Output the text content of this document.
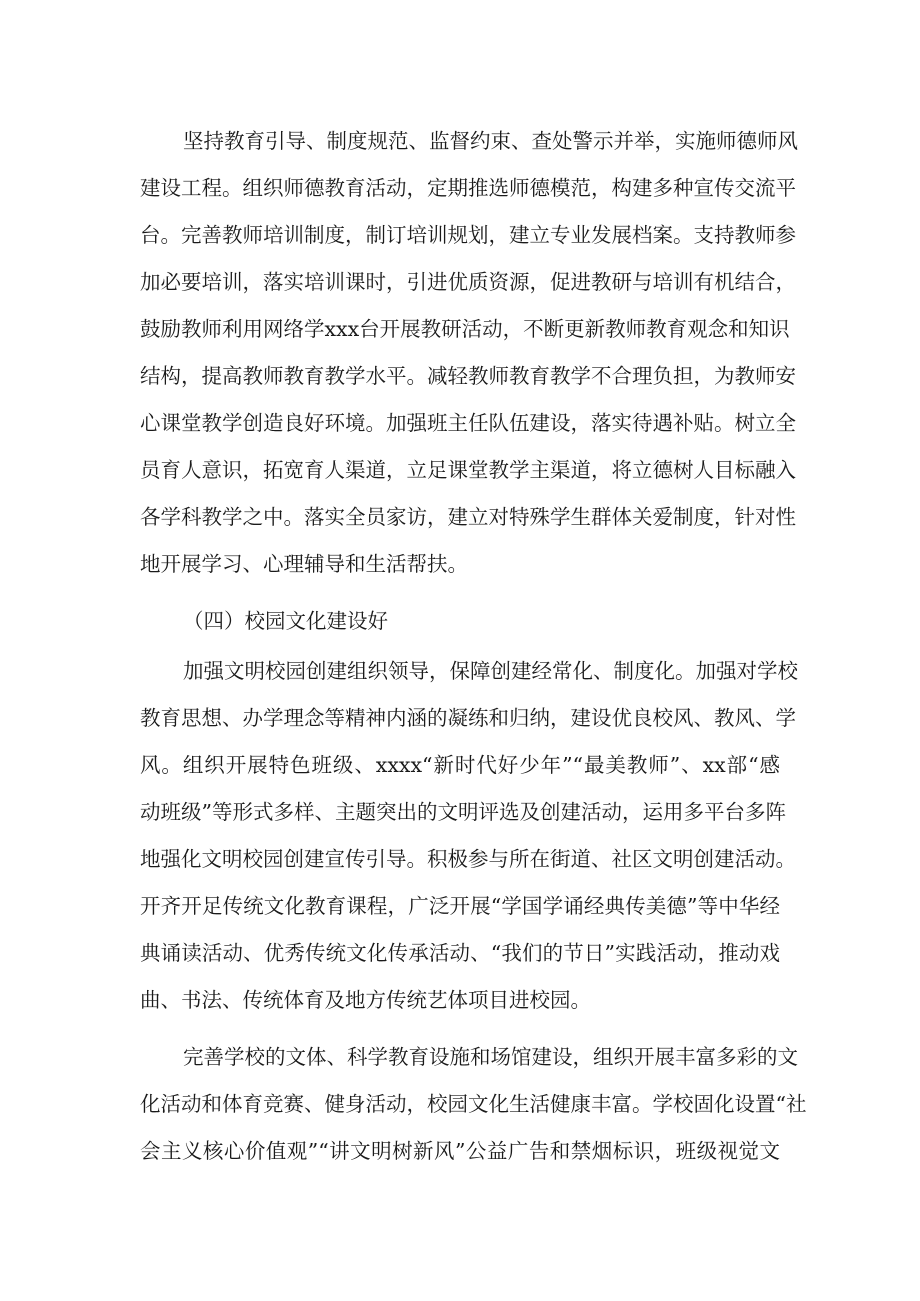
坚持教育引导、制度规范、监督约束、查处警示并举，实施师德师风
建设工程。组织师德教育活动，定期推选师德模范，构建多种宣传交流平
台。完善教师培训制度，制订培训规划，建立专业发展档案。支持教师参
加必要培训，落实培训课时，引进优质资源，促进教研与培训有机结合，
鼓励教师利用网络学xxx台开展教研活动，不断更新教师教育观念和知识
结构，提高教师教育教学水平。减轻教师教育教学不合理负担，为教师安
心课堂教学创造良好环境。加强班主任队伍建设，落实待遇补贴。树立全
员育人意识，拓宽育人渠道，立足课堂教学主渠道，将立德树人目标融入
各学科教学之中。落实全员家访，建立对特殊学生群体关爱制度，针对性
地开展学习、心理辅导和生活帮扶。
（四）校园文化建设好
加强文明校园创建组织领导，保障创建经常化、制度化。加强对学校
教育思想、办学理念等精神内涵的凝练和归纳，建设优良校风、教风、学
风。组织开展特色班级、xxxx“新时代好少年”“最美教师”、xx部“感
动班级”等形式多样、主题突出的文明评选及创建活动，运用多平台多阵
地强化文明校园创建宣传引导。积极参与所在街道、社区文明创建活动。
开齐开足传统文化教育课程，广泛开展“学国学诵经典传美德”等中华经
典诵读活动、优秀传统文化传承活动、“我们的节日”实践活动，推动戏
曲、书法、传统体育及地方传统艺体项目进校园。
完善学校的文体、科学教育设施和场馆建设，组织开展丰富多彩的文
化活动和体育竞赛、健身活动，校园文化生活健康丰富。学校固化设置“社
会主义核心价值观”“讲文明树新风”公益广告和禁烟标识，班级视觉文
